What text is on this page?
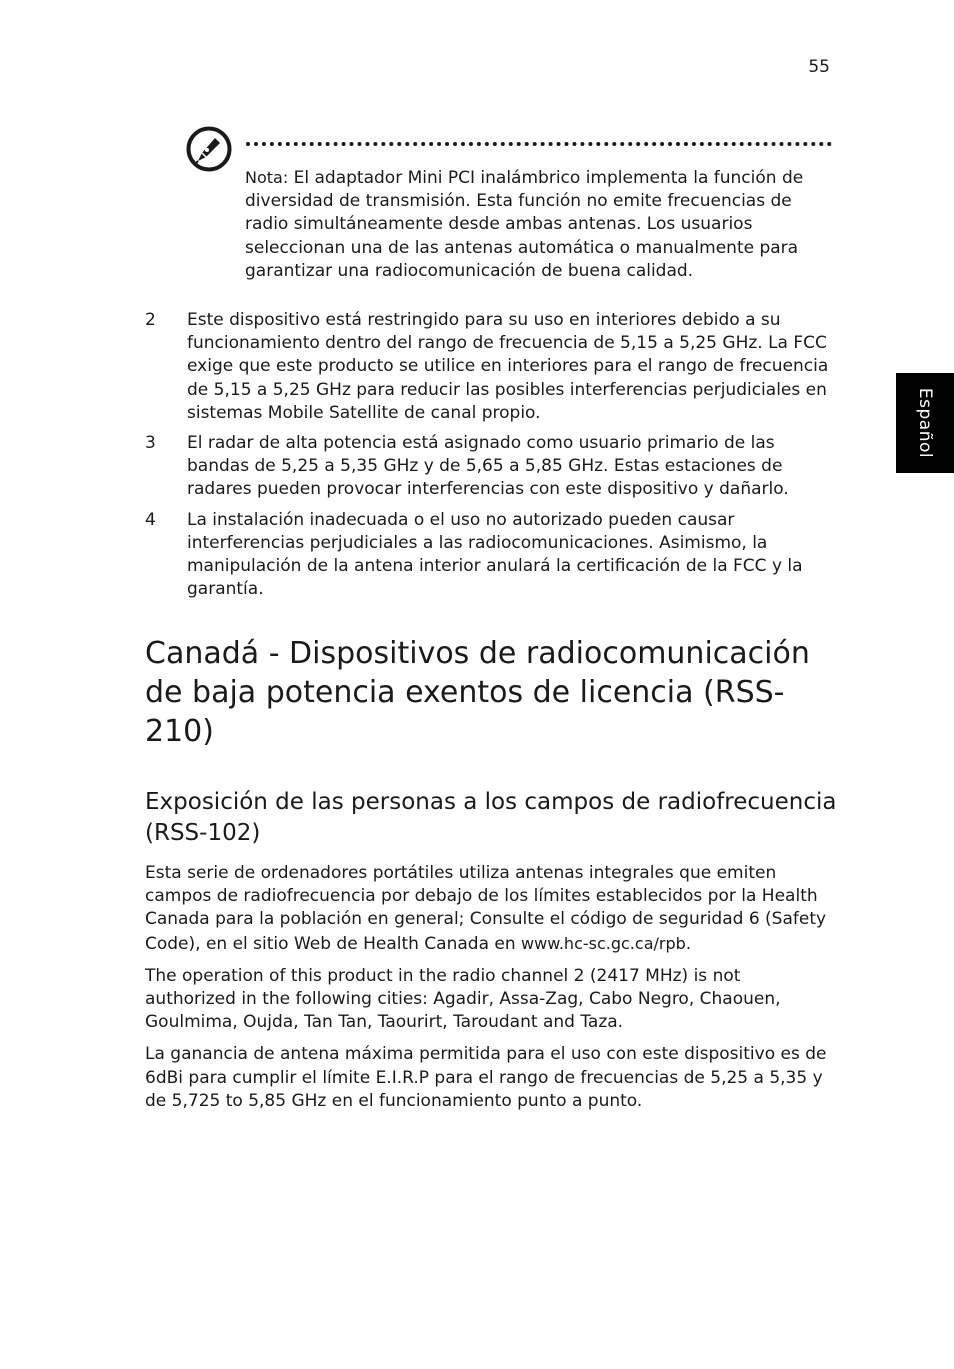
55
Español
Nota: El adaptador Mini PCI inalámbrico implementa la función de diversidad de transmisión. Esta función no emite frecuencias de radio simultáneamente desde ambas antenas. Los usuarios seleccionan una de las antenas automática o manualmente para garantizar una radiocomunicación de buena calidad.
2	Este dispositivo está restringido para su uso en interiores debido a su funcionamiento dentro del rango de frecuencia de 5,15 a 5,25 GHz. La FCC exige que este producto se utilice en interiores para el rango de frecuencia de 5,15 a 5,25 GHz para reducir las posibles interferencias perjudiciales en sistemas Mobile Satellite de canal propio.
3	El radar de alta potencia está asignado como usuario primario de las bandas de 5,25 a 5,35 GHz y de 5,65 a 5,85 GHz. Estas estaciones de radares pueden provocar interferencias con este dispositivo y dañarlo.
4	La instalación inadecuada o el uso no autorizado pueden causar interferencias perjudiciales a las radiocomunicaciones. Asimismo, la manipulación de la antena interior anulará la certificación de la FCC y la garantía.
Canadá - Dispositivos de radiocomunicación de baja potencia exentos de licencia (RSS-210)
Exposición de las personas a los campos de radiofrecuencia (RSS-102)

Esta serie de ordenadores portátiles utiliza antenas integrales que emiten campos de radiofrecuencia por debajo de los límites establecidos por la Health Canada para la población en general; Consulte el código de seguridad 6 (Safety Code), en el sitio Web de Health Canada en www.hc-sc.gc.ca/rpb.

The operation of this product in the radio channel 2 (2417 MHz) is not authorized in the following cities: Agadir, Assa-Zag, Cabo Negro, Chaouen, Goulmima, Oujda, Tan Tan, Taourirt, Taroudant and Taza.

La ganancia de antena máxima permitida para el uso con este dispositivo es de 6dBi para cumplir el límite E.I.R.P para el rango de frecuencias de 5,25 a 5,35 y de 5,725 to 5,85 GHz en el funcionamiento punto a punto.
